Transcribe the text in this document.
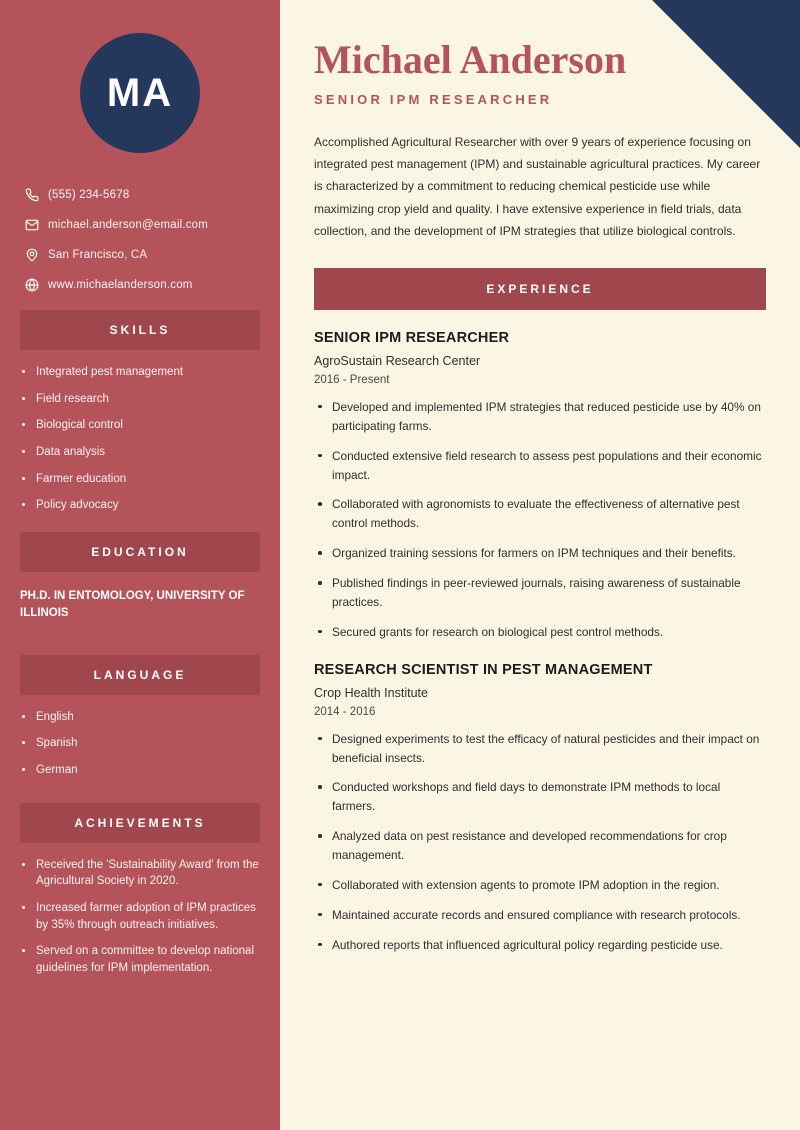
MA
(555) 234-5678
michael.anderson@email.com
San Francisco, CA
www.michaelanderson.com
SKILLS
Integrated pest management
Field research
Biological control
Data analysis
Farmer education
Policy advocacy
EDUCATION
PH.D. IN ENTOMOLOGY, UNIVERSITY OF ILLINOIS
LANGUAGE
English
Spanish
German
ACHIEVEMENTS
Received the 'Sustainability Award' from the Agricultural Society in 2020.
Increased farmer adoption of IPM practices by 35% through outreach initiatives.
Served on a committee to develop national guidelines for IPM implementation.
Michael Anderson
SENIOR IPM RESEARCHER

Accomplished Agricultural Researcher with over 9 years of experience focusing on integrated pest management (IPM) and sustainable agricultural practices. My career is characterized by a commitment to reducing chemical pesticide use while maximizing crop yield and quality. I have extensive experience in field trials, data collection, and the development of IPM strategies that utilize biological controls.

EXPERIENCE
SENIOR IPM RESEARCHER
AgroSustain Research Center
2016 - Present
Developed and implemented IPM strategies that reduced pesticide use by 40% on participating farms.
Conducted extensive field research to assess pest populations and their economic impact.
Collaborated with agronomists to evaluate the effectiveness of alternative pest control methods.
Organized training sessions for farmers on IPM techniques and their benefits.
Published findings in peer-reviewed journals, raising awareness of sustainable practices.
Secured grants for research on biological pest control methods.
RESEARCH SCIENTIST IN PEST MANAGEMENT
Crop Health Institute
2014 - 2016
Designed experiments to test the efficacy of natural pesticides and their impact on beneficial insects.
Conducted workshops and field days to demonstrate IPM methods to local farmers.
Analyzed data on pest resistance and developed recommendations for crop management.
Collaborated with extension agents to promote IPM adoption in the region.
Maintained accurate records and ensured compliance with research protocols.
Authored reports that influenced agricultural policy regarding pesticide use.
